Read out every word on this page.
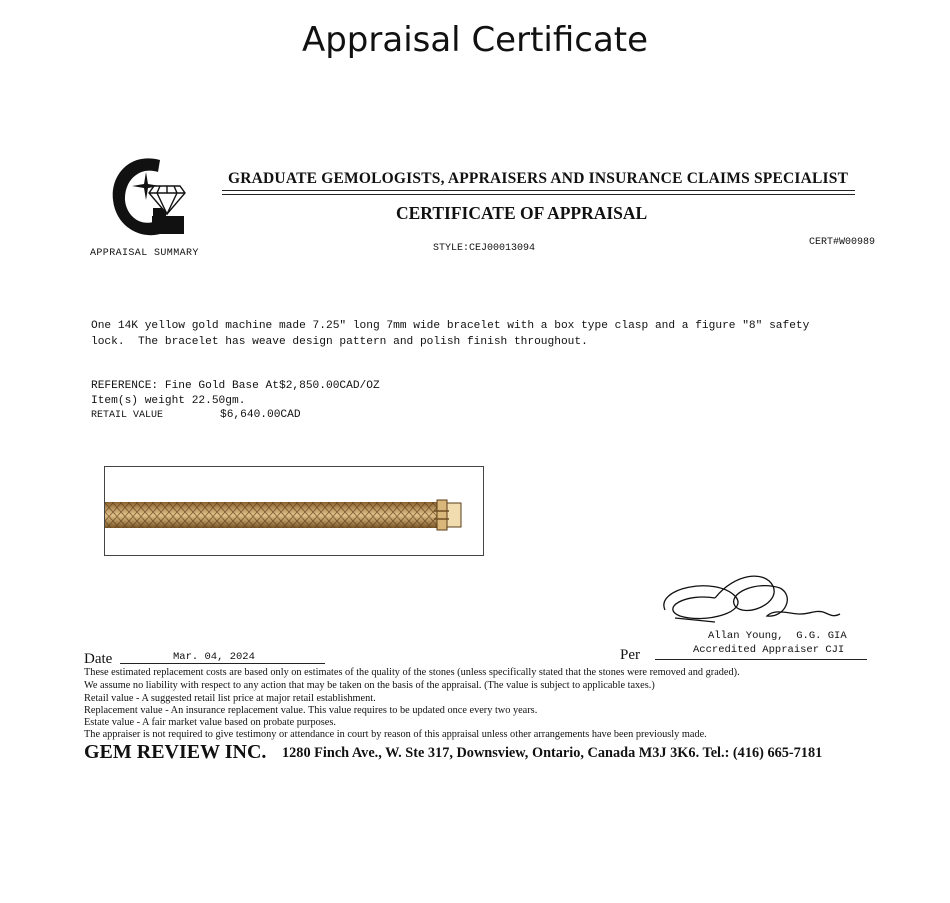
Appraisal Certificate
APPRAISAL SUMMARY
GRADUATE GEMOLOGISTS, APPRAISERS AND INSURANCE CLAIMS SPECIALIST
CERTIFICATE OF APPRAISAL
STYLE:CEJ00013094
CERT#W00989
One 14K yellow gold machine made 7.25" long 7mm wide bracelet with a box type clasp and a figure "8" safety
lock.  The bracelet has weave design pattern and polish finish throughout.
REFERENCE: Fine Gold Base At$2,850.00CAD/OZ
Item(s) weight 22.50gm.
RETAIL VALUE	$6,640.00CAD
Allan Young,  G.G. GIA
Accredited Appraiser CJI
Date	Mar. 04, 2024	Per
These estimated replacement costs are based only on estimates of the quality of the stones (unless specifically stated that the stones were removed and graded).
We assume no liability with respect to any action that may be taken on the basis of the appraisal. (The value is subject to applicable taxes.)
Retail value - A suggested retail list price at major retail establishment.
Replacement value - An insurance replacement value. This value requires to be updated once every two years.
Estate value - A fair market value based on probate purposes.
The appraiser is not required to give testimony or attendance in court by reason of this appraisal unless other arrangements have been previously made.
GEM REVIEW INC. 1280 Finch Ave., W. Ste 317, Downsview, Ontario, Canada M3J 3K6. Tel.: (416) 665-7181
